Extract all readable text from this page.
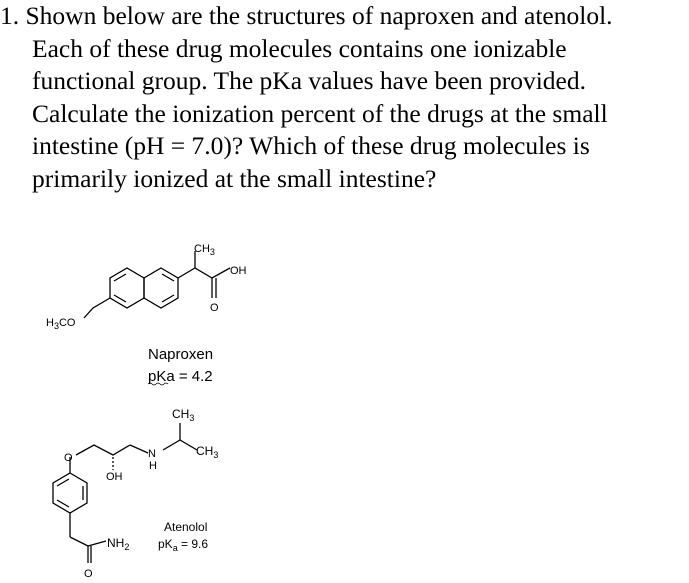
1. Shown below are the structures of naproxen and atenolol.
Each of these drug molecules contains one ionizable
functional group. The pKa values have been provided.
Calculate the ionization percent of the drugs at the small
intestine (pH = 7.0)? Which of these drug molecules is
primarily ionized at the small intestine?
$CH_3$
OH
O
$H_3CO$
Naproxen
pKa = 4.2
O
OH
N
H
$CH_3$
$CH_3$
$NH_2$
O
Atenolol
$pK_a = 9.6$
